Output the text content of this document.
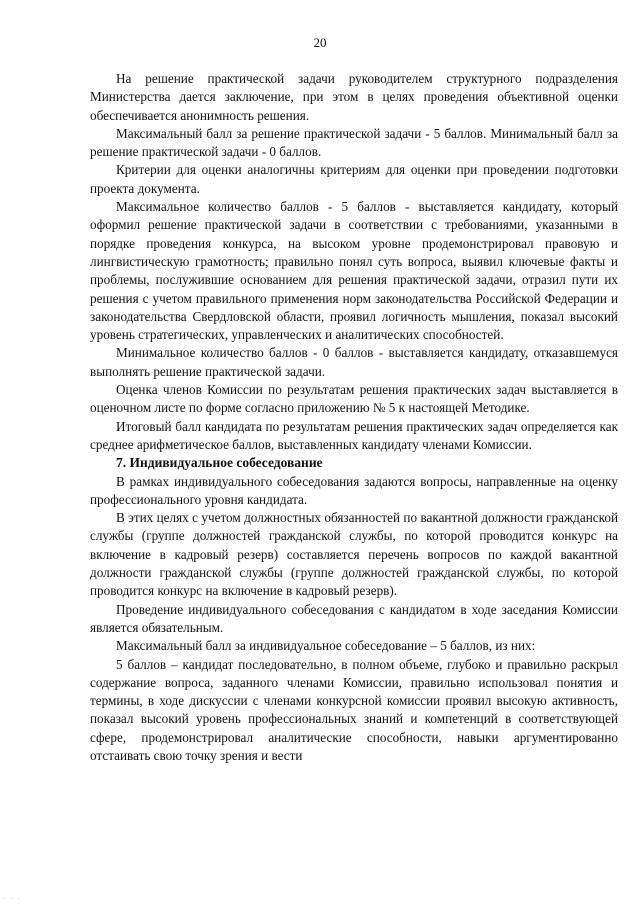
20

На решение практической задачи руководителем структурного подразделения Министерства дается заключение, при этом в целях проведения объективной оценки обеспечивается анонимность решения.

Максимальный балл за решение практической задачи - 5 баллов. Минимальный балл за решение практической задачи - 0 баллов.

Критерии для оценки аналогичны критериям для оценки при проведении подготовки проекта документа.

Максимальное количество баллов - 5 баллов - выставляется кандидату, который оформил решение практической задачи в соответствии с требованиями, указанными в порядке проведения конкурса, на высоком уровне продемонстрировал правовую и лингвистическую грамотность; правильно понял суть вопроса, выявил ключевые факты и проблемы, послужившие основанием для решения практической задачи, отразил пути их решения с учетом правильного применения норм законодательства Российской Федерации и законодательства Свердловской области, проявил логичность мышления, показал высокий уровень стратегических, управленческих и аналитических способностей.

Минимальное количество баллов - 0 баллов - выставляется кандидату, отказавшемуся выполнять решение практической задачи.

Оценка членов Комиссии по результатам решения практических задач выставляется в оценочном листе по форме согласно приложению № 5 к настоящей Методике.

Итоговый балл кандидата по результатам решения практических задач определяется как среднее арифметическое баллов, выставленных кандидату членами Комиссии.

7. Индивидуальное собеседование

В рамках индивидуального собеседования задаются вопросы, направленные на оценку профессионального уровня кандидата.

В этих целях с учетом должностных обязанностей по вакантной должности гражданской службы (группе должностей гражданской службы, по которой проводится конкурс на включение в кадровый резерв) составляется перечень вопросов по каждой вакантной должности гражданской службы (группе должностей гражданской службы, по которой проводится конкурс на включение в кадровый резерв).

Проведение индивидуального собеседования с кандидатом в ходе заседания Комиссии является обязательным.

Максимальный балл за индивидуальное собеседование – 5 баллов, из них:

5 баллов – кандидат последовательно, в полном объеме, глубоко и правильно раскрыл содержание вопроса, заданного членами Комиссии, правильно использовал понятия и термины, в ходе дискуссии с членами конкурсной комиссии проявил высокую активность, показал высокий уровень профессиональных знаний и компетенций в соответствующей сфере, продемонстрировал аналитические способности, навыки аргументированно отстаивать свою точку зрения и вести

. . .
